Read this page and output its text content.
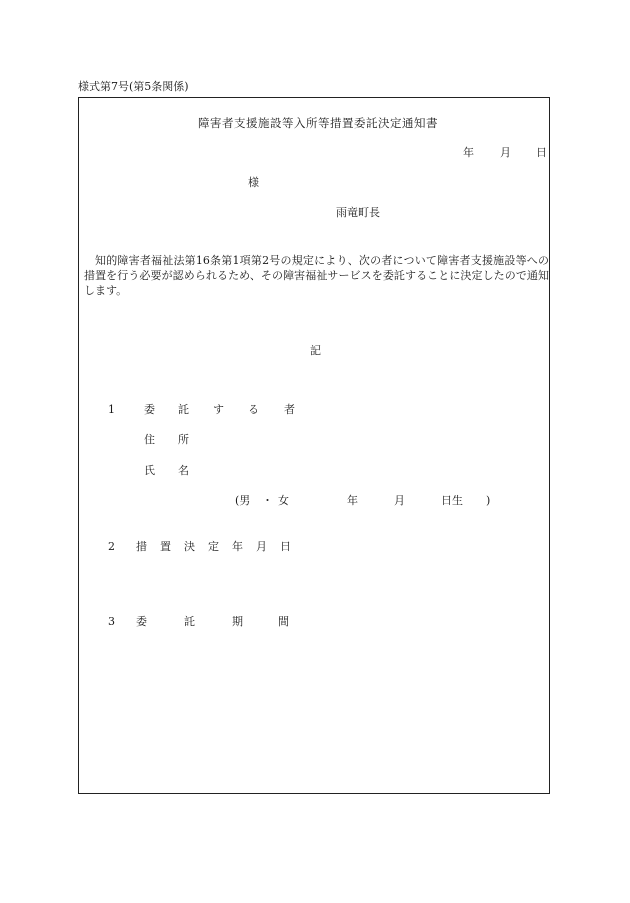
様式第7号(第5条関係)
障害者支援施設等入所等措置委託決定通知書
年 月 日
様
雨竜町長
知的障害者福祉法第16条第1項第2号の規定により、次の者について障害者支援施設等への措置を行う必要が認められるため、その障害福祉サービスを委託することに決定したので通知します。
記
1	委 託 す る 者
住 所
氏 名
(男 ・ 女	年	月	日生 )
2 措 置 決 定 年 月 日
3 委	託	期	間
